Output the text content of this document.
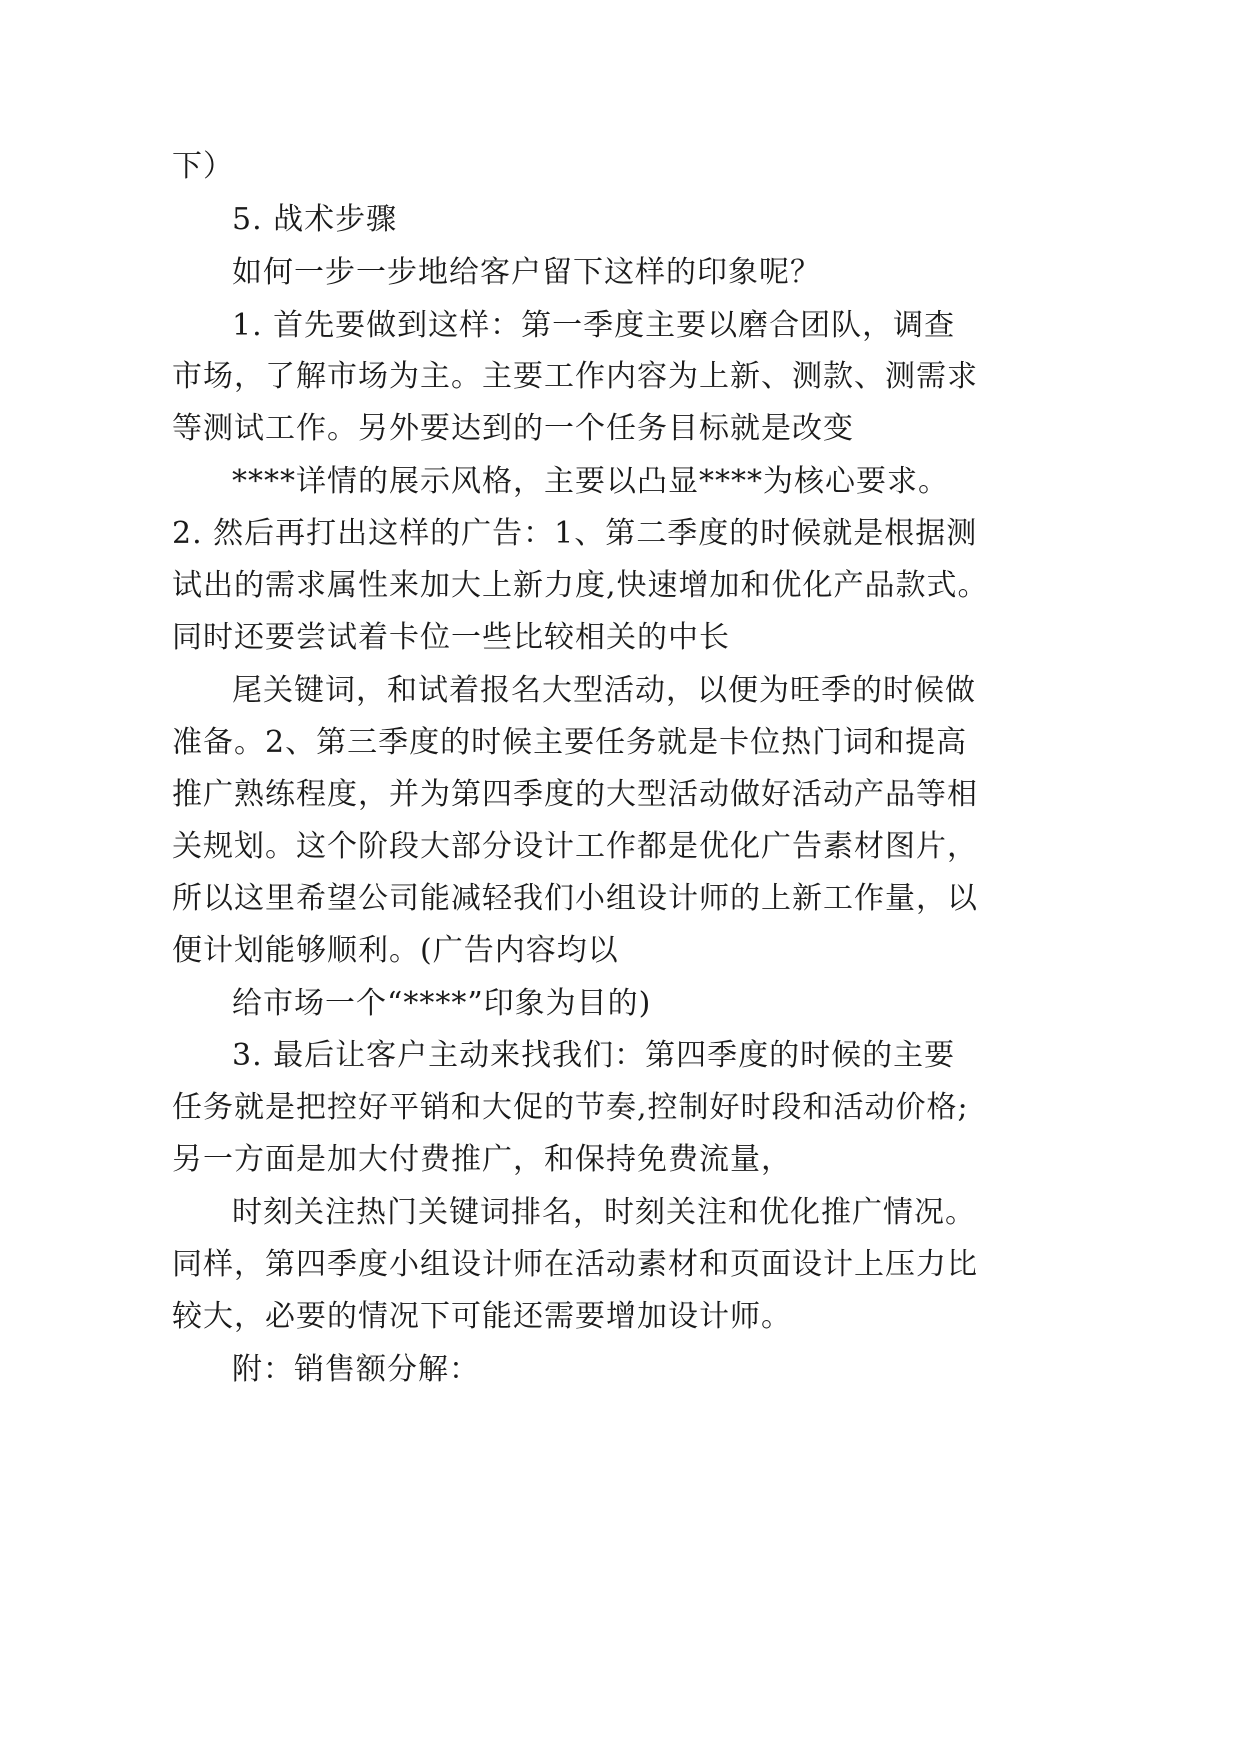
下）
5. 战术步骤
如何一步一步地给客户留下这样的印象呢？
1. 首先要做到这样：第一季度主要以磨合团队，调查
市场，了解市场为主。主要工作内容为上新、测款、测需求
等测试工作。另外要达到的一个任务目标就是改变
****详情的展示风格，主要以凸显****为核心要求。
2. 然后再打出这样的广告：1、第二季度的时候就是根据测
试出的需求属性来加大上新力度,快速增加和优化产品款式。
同时还要尝试着卡位一些比较相关的中长
尾关键词，和试着报名大型活动，以便为旺季的时候做
准备。2、第三季度的时候主要任务就是卡位热门词和提高
推广熟练程度，并为第四季度的大型活动做好活动产品等相
关规划。这个阶段大部分设计工作都是优化广告素材图片，
所以这里希望公司能减轻我们小组设计师的上新工作量，以
便计划能够顺利。(广告内容均以
给市场一个“****”印象为目的)
3. 最后让客户主动来找我们：第四季度的时候的主要
任务就是把控好平销和大促的节奏,控制好时段和活动价格;
另一方面是加大付费推广，和保持免费流量，
时刻关注热门关键词排名，时刻关注和优化推广情况。
同样，第四季度小组设计师在活动素材和页面设计上压力比
较大，必要的情况下可能还需要增加设计师。
附：销售额分解：
